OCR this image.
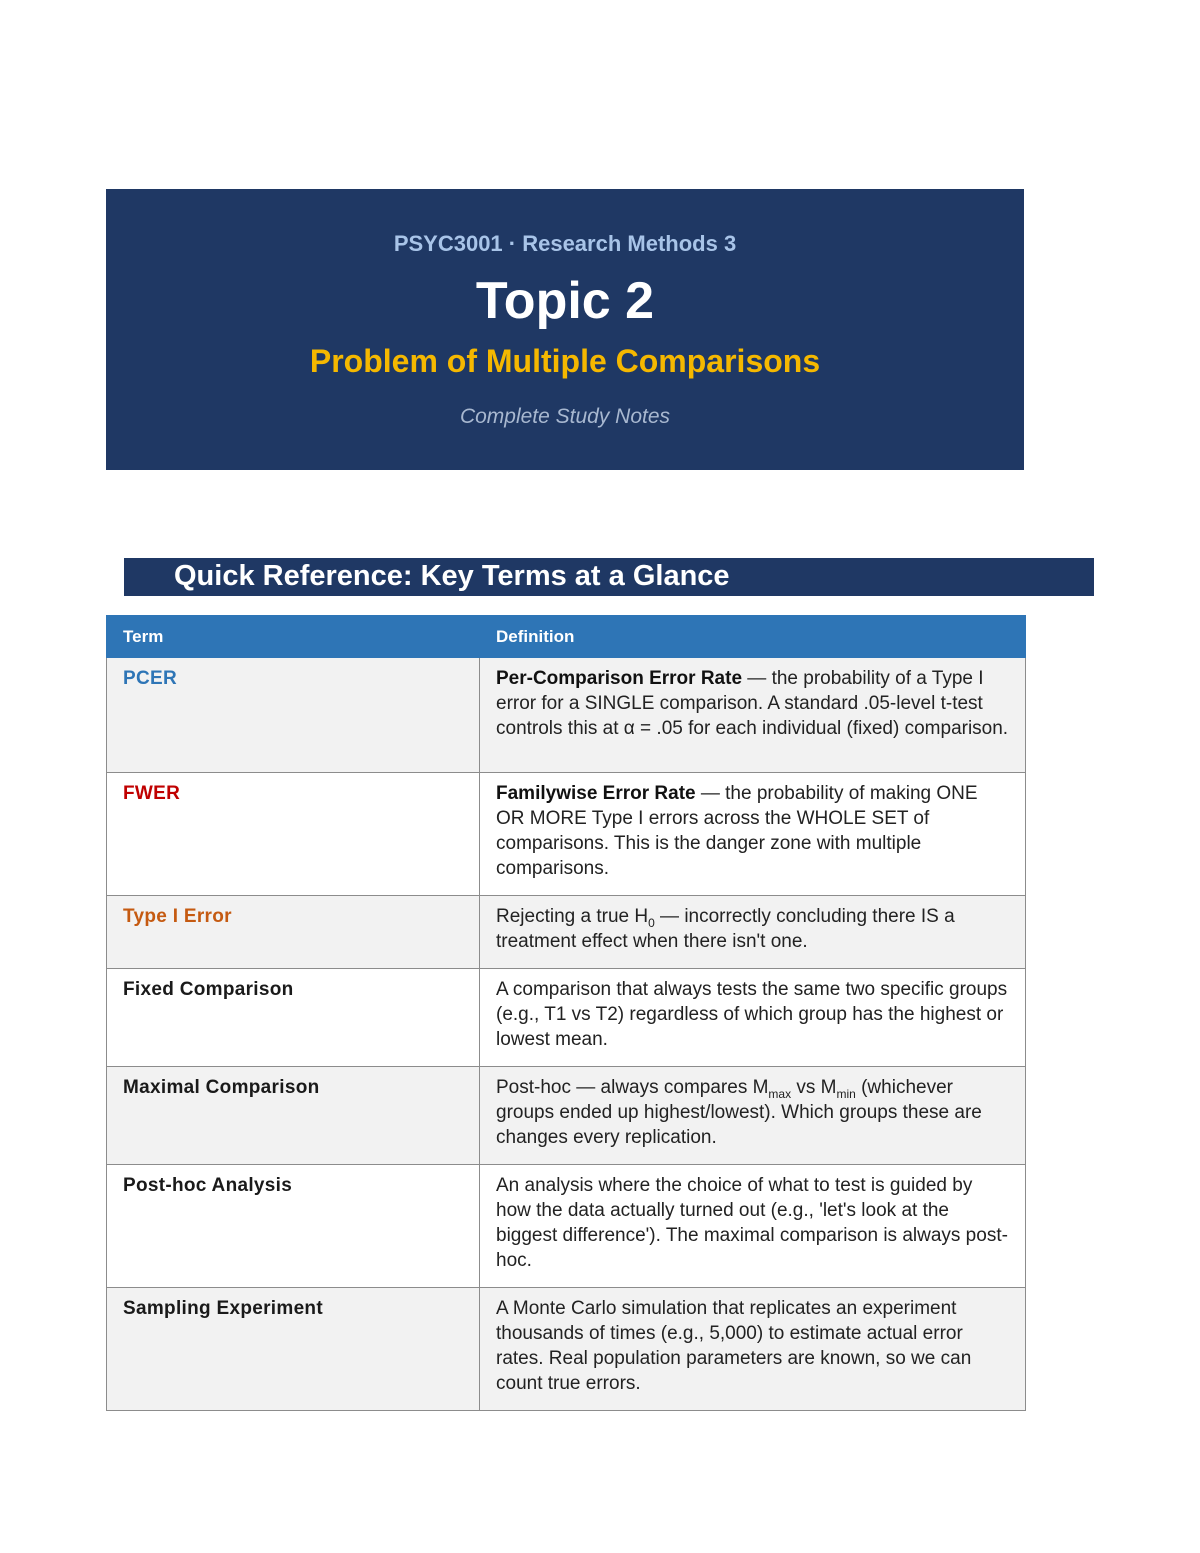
PSYC3001 · Research Methods 3
Topic 2
Problem of Multiple Comparisons
Complete Study Notes
Quick Reference: Key Terms at a Glance
Term	Definition
PCER	Per-Comparison Error Rate — the probability of a Type I error for a SINGLE comparison. A standard .05-level t-test controls this at α = .05 for each individual (fixed) comparison.
FWER	Familywise Error Rate — the probability of making ONE OR MORE Type I errors across the WHOLE SET of comparisons. This is the danger zone with multiple comparisons.
Type I Error	Rejecting a true $H_0$ — incorrectly concluding there IS a treatment effect when there isn't one.
Fixed Comparison	A comparison that always tests the same two specific groups (e.g., T1 vs T2) regardless of which group has the highest or lowest mean.
Maximal Comparison	Post-hoc — always compares $M_{max}$ vs $M_{min}$ (whichever groups ended up highest/lowest). Which groups these are changes every replication.
Post-hoc Analysis	An analysis where the choice of what to test is guided by how the data actually turned out (e.g., 'let's look at the biggest difference'). The maximal comparison is always post-hoc.
Sampling Experiment	A Monte Carlo simulation that replicates an experiment thousands of times (e.g., 5,000) to estimate actual error rates. Real population parameters are known, so we can count true errors.
